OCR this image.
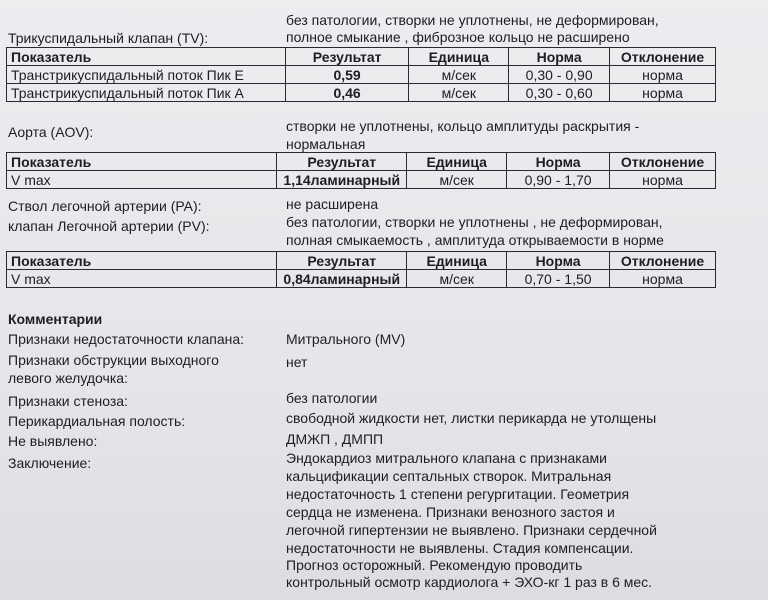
Трикуспидальный клапан (TV):
без патологии, створки не уплотнены, не деформирован,
полное смыкание , фиброзное кольцо не расширено
Показатель	Результат	Единица	Норма	Отклонение
Транстрикуспидальный поток Пик E	0,59	м/сек	0,30 - 0,90	норма
Транстрикуспидальный поток Пик A	0,46	м/сек	0,30 - 0,60	норма
Аорта (AOV):	створки не уплотнены, кольцо амплитуды раскрытия -
нормальная
Показатель	Результат	Единица	Норма	Отклонение
V max	1,14ламинарный	м/сек	0,90 - 1,70	норма
Ствол легочной артерии (PA):	не расширена
клапан Легочной артерии (PV):	без патологии, створки не уплотнены , не деформирован,
полная смыкаемость , амплитуда открываемости в норме
Показатель	Результат	Единица	Норма	Отклонение
V max	0,84ламинарный	м/сек	0,70 - 1,50	норма
Комментарии
Признаки недостаточности клапана:	Митрального (MV)
Признаки обструкции выходного
левого желудочка:
нет
Признаки стеноза:	без патологии
Перикардиальная полость:	свободной жидкости нет, листки перикарда не утолщены
Не выявлено:	ДМЖП , ДМПП
Заключение:	Эндокардиоз митрального клапана с признаками
кальцификации септальных створок. Митральная
недостаточность 1 степени регургитации. Геометрия
сердца не изменена. Признаки венозного застоя и
легочной гипертензии не выявлено. Признаки сердечной
недостаточности не выявлены. Стадия компенсации.
Прогноз осторожный. Рекомендую проводить
контрольный осмотр кардиолога + ЭХО-кг 1 раз в 6 мес.
